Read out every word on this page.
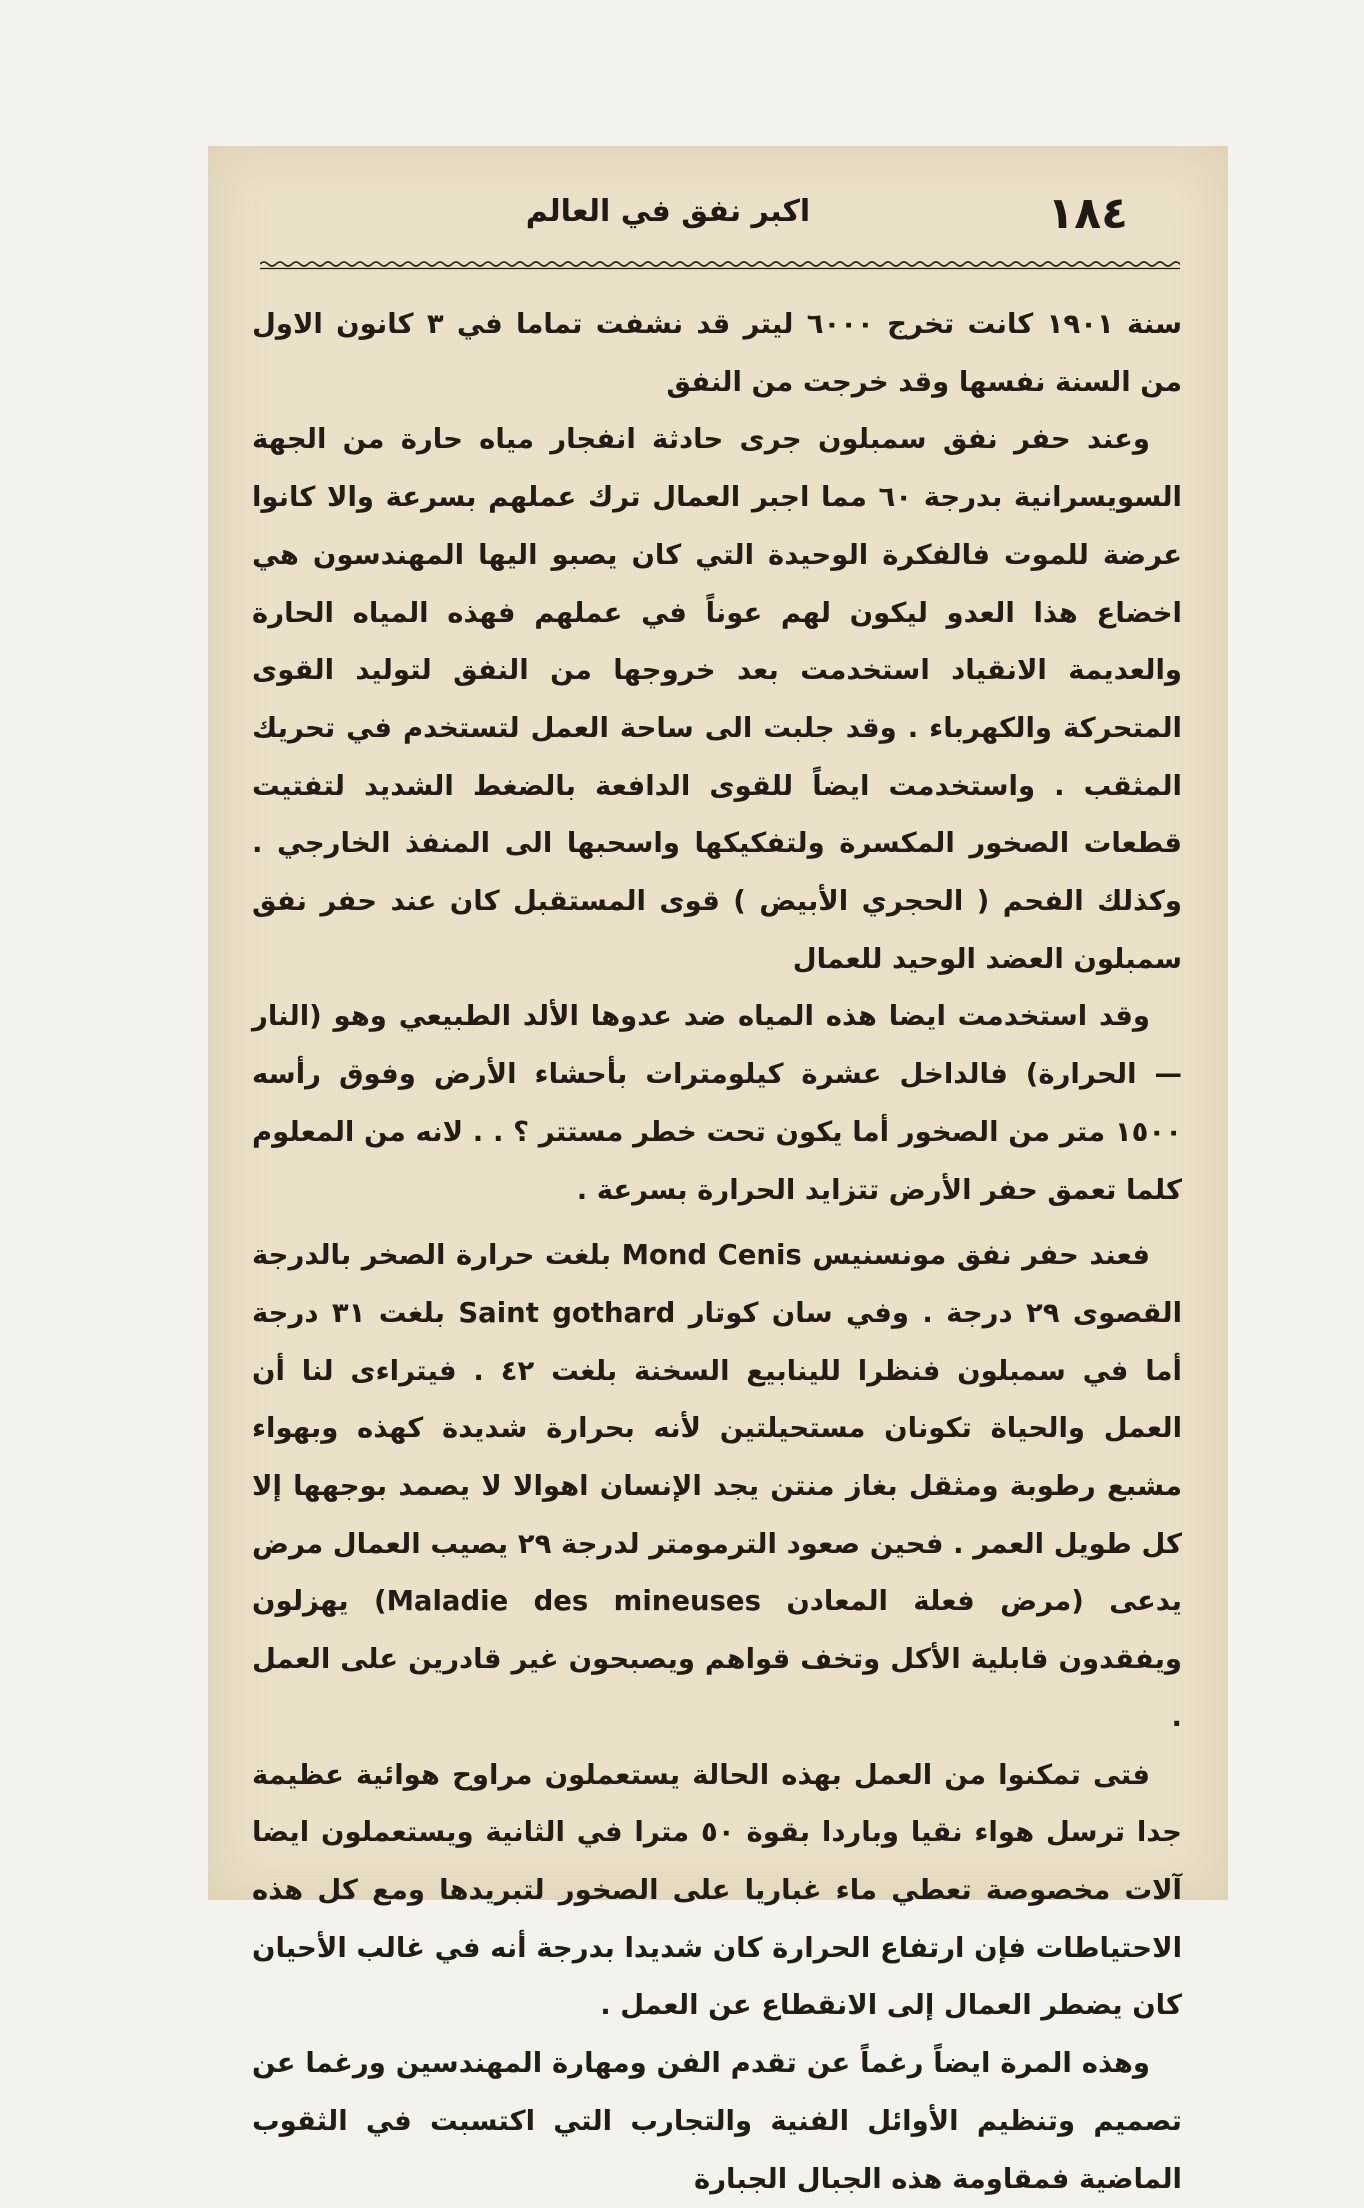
١٨٤
اكبر نفق في العالم

سنة ١٩٠١ كانت تخرج ٦٠٠٠ ليتر قد نشفت تماما في ٣ كانون الاول من السنة نفسها وقد خرجت من النفق

وعند حفر نفق سمبلون جرى حادثة انفجار مياه حارة من الجهة السويسرانية بدرجة ٦٠ مما اجبر العمال ترك عملهم بسرعة والا كانوا عرضة للموت فالفكرة الوحيدة التي كان يصبو اليها المهندسون هي اخضاع هذا العدو ليكون لهم عوناً في عملهم فهذه المياه الحارة والعديمة الانقياد استخدمت بعد خروجها من النفق لتوليد القوى المتحركة والكهرباء . وقد جلبت الى ساحة العمل لتستخدم في تحريك المثقب . واستخدمت ايضاً للقوى الدافعة بالضغط الشديد لتفتيت قطعات الصخور المكسرة ولتفكيكها واسحبها الى المنفذ الخارجي . وكذلك الفحم ( الحجري الأبيض ) قوى المستقبل كان عند حفر نفق سمبلون العضد الوحيد للعمال

وقد استخدمت ايضا هذه المياه ضد عدوها الألد الطبيعي وهو (النار — الحرارة) فالداخل عشرة كيلومترات بأحشاء الأرض وفوق رأسه ١٥٠٠ متر من الصخور أما يكون تحت خطر مستتر ؟ . . لانه من المعلوم كلما تعمق حفر الأرض تتزايد الحرارة بسرعة .

فعند حفر نفق مونسنيس Mond Cenis بلغت حرارة الصخر بالدرجة القصوى ٢٩ درجة . وفي سان كوتار Saint gothard بلغت ٣١ درجة أما في سمبلون فنظرا للينابيع السخنة بلغت ٤٢ . فيتراءى لنا أن العمل والحياة تكونان مستحيلتين لأنه بحرارة شديدة كهذه وبهواء مشبع رطوبة ومثقل بغاز منتن يجد الإنسان اهوالا لا يصمد بوجهها إلا كل طويل العمر . فحين صعود الترمومتر لدرجة ٢٩ يصيب العمال مرض يدعى (مرض فعلة المعادن Maladie des mineuses) يهزلون ويفقدون قابلية الأكل وتخف قواهم ويصبحون غير قادرين على العمل .

فتى تمكنوا من العمل بهذه الحالة يستعملون مراوح هوائية عظيمة جدا ترسل هواء نقيا وباردا بقوة ٥٠ مترا في الثانية ويستعملون ايضا آلات مخصوصة تعطي ماء غباريا على الصخور لتبريدها ومع كل هذه الاحتياطات فإن ارتفاع الحرارة كان شديدا بدرجة أنه في غالب الأحيان كان يضطر العمال إلى الانقطاع عن العمل .

وهذه المرة ايضاً رغماً عن تقدم الفن ومهارة المهندسين ورغما عن تصميم وتنظيم الأوائل الفنية والتجارب التي اكتسبت في الثقوب الماضية فمقاومة هذه الجبال الجبارة
